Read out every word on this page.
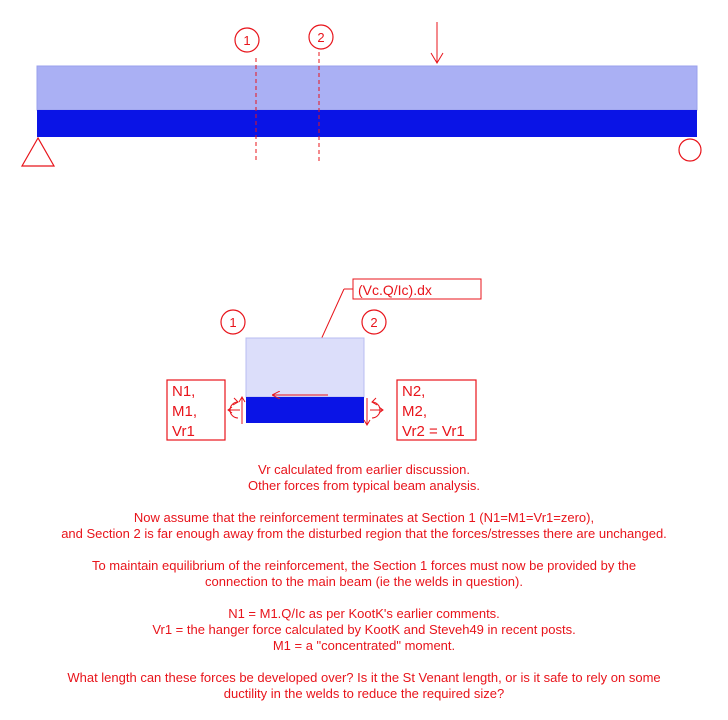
1	2
(Vc.Q/Ic).dx
1	2
N1,
M1,
Vr1
N2,
M2,
Vr2 = Vr1

Vr calculated from earlier discussion.
Other forces from typical beam analysis.

Now assume that the reinforcement terminates at Section 1 (N1=M1=Vr1=zero),
and Section 2 is far enough away from the disturbed region that the forces/stresses there are unchanged.

To maintain equilibrium of the reinforcement, the Section 1 forces must now be provided by the
connection to the main beam (ie the welds in question).

N1 = M1.Q/Ic as per KootK's earlier comments.
Vr1 = the hanger force calculated by KootK and Steveh49 in recent posts.
M1 = a "concentrated" moment.

What length can these forces be developed over? Is it the St Venant length, or is it safe to rely on some
ductility in the welds to reduce the required size?
